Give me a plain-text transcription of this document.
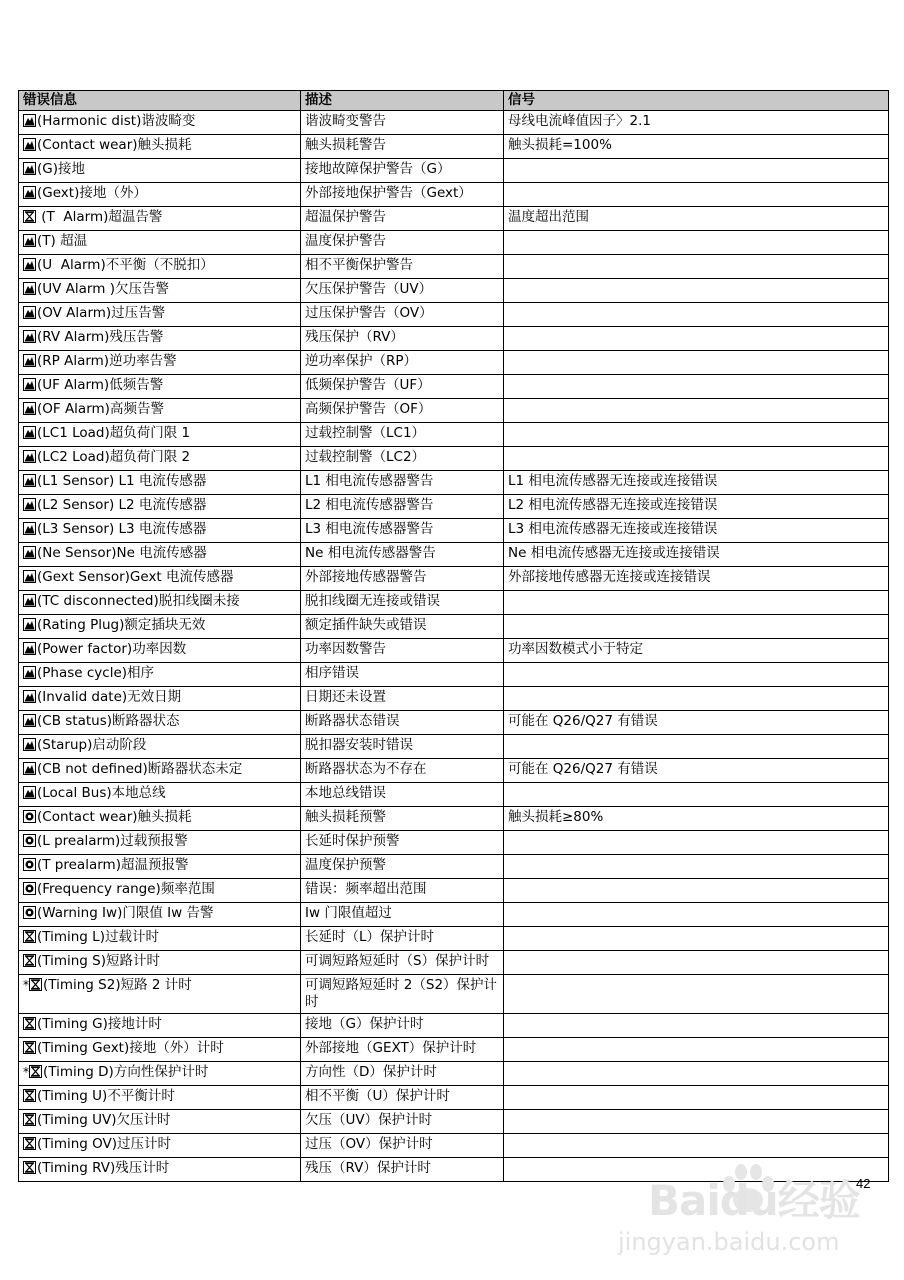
错误信息	描述	信号
(Harmonic dist)谐波畸变	谐波畸变警告	母线电流峰值因子〉2.1
(Contact wear)触头损耗	触头损耗警告	触头损耗=100%
(G)接地	接地故障保护警告（G）	
(Gext)接地（外）	外部接地保护警告（Gext）	
(T  Alarm)超温告警	超温保护警告	温度超出范围
(T) 超温	温度保护警告	
(U  Alarm)不平衡（不脱扣）	相不平衡保护警告	
(UV Alarm )欠压告警	欠压保护警告（UV）	
(OV Alarm)过压告警	过压保护警告（OV）	
(RV Alarm)残压告警	残压保护（RV）	
(RP Alarm)逆功率告警	逆功率保护（RP）	
(UF Alarm)低频告警	低频保护警告（UF）	
(OF Alarm)高频告警	高频保护警告（OF）	
(LC1 Load)超负荷门限 1	过载控制警（LC1）	
(LC2 Load)超负荷门限 2	过载控制警（LC2）	
(L1 Sensor) L1 电流传感器	L1 相电流传感器警告	L1 相电流传感器无连接或连接错误
(L2 Sensor) L2 电流传感器	L2 相电流传感器警告	L2 相电流传感器无连接或连接错误
(L3 Sensor) L3 电流传感器	L3 相电流传感器警告	L3 相电流传感器无连接或连接错误
(Ne Sensor)Ne 电流传感器	Ne 相电流传感器警告	Ne 相电流传感器无连接或连接错误
(Gext Sensor)Gext 电流传感器	外部接地传感器警告	外部接地传感器无连接或连接错误
(TC disconnected)脱扣线圈未接	脱扣线圈无连接或错误	
(Rating Plug)额定插块无效	额定插件缺失或错误	
(Power factor)功率因数	功率因数警告	功率因数模式小于特定
(Phase cycle)相序	相序错误	
(Invalid date)无效日期	日期还未设置	
(CB status)断路器状态	断路器状态错误	可能在 Q26/Q27 有错误
(Starup)启动阶段	脱扣器安装时错误	
(CB not defined)断路器状态未定	断路器状态为不存在	可能在 Q26/Q27 有错误
(Local Bus)本地总线	本地总线错误	
(Contact wear)触头损耗	触头损耗预警	触头损耗≥80%
(L prealarm)过载预报警	长延时保护预警	
(T prealarm)超温预报警	温度保护预警	
(Frequency range)频率范围	错误：频率超出范围	
(Warning Iw)门限值 Iw 告警	Iw 门限值超过	
(Timing L)过载计时	长延时（L）保护计时	
(Timing S)短路计时	可调短路短延时（S）保护计时	
* (Timing S2)短路 2 计时	可调短路短延时 2（S2）保护计时	
(Timing G)接地计时	接地（G）保护计时	
(Timing Gext)接地（外）计时	外部接地（GEXT）保护计时	
* (Timing D)方向性保护计时	方向性（D）保护计时	
(Timing U)不平衡计时	相不平衡（U）保护计时	
(Timing UV)欠压计时	欠压（UV）保护计时	
(Timing OV)过压计时	过压（OV）保护计时	
(Timing RV)残压计时	残压（RV）保护计时	
42
Baidu经验
jingyan.baidu.com
